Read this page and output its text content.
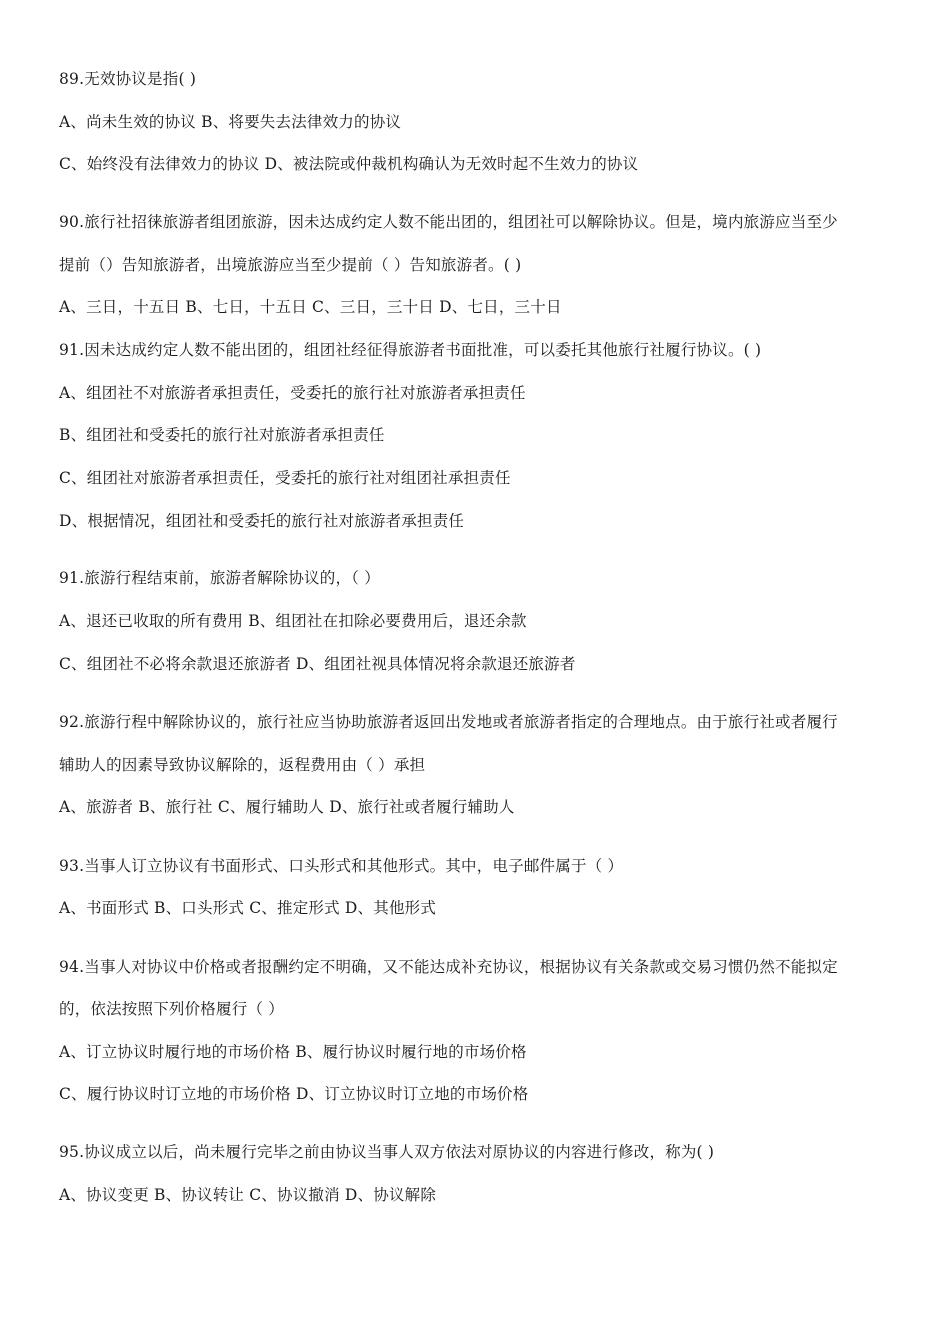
89.无效协议是指( )
A、尚未生效的协议 B、将要失去法律效力的协议
C、始终没有法律效力的协议 D、被法院或仲裁机构确认为无效时起不生效力的协议
90.旅行社招徕旅游者组团旅游，因未达成约定人数不能出团的，组团社可以解除协议。但是，境内旅游应当至少
提前（）告知旅游者，出境旅游应当至少提前（ ）告知旅游者。( )
A、三日，十五日 B、七日，十五日 C、三日，三十日 D、七日，三十日
91.因未达成约定人数不能出团的，组团社经征得旅游者书面批准，可以委托其他旅行社履行协议。( )
A、组团社不对旅游者承担责任，受委托的旅行社对旅游者承担责任
B、组团社和受委托的旅行社对旅游者承担责任
C、组团社对旅游者承担责任，受委托的旅行社对组团社承担责任
D、根据情况，组团社和受委托的旅行社对旅游者承担责任
91.旅游行程结束前，旅游者解除协议的，（ ）
A、退还已收取的所有费用 B、组团社在扣除必要费用后，退还余款
C、组团社不必将余款退还旅游者 D、组团社视具体情况将余款退还旅游者
92.旅游行程中解除协议的，旅行社应当协助旅游者返回出发地或者旅游者指定的合理地点。由于旅行社或者履行
辅助人的因素导致协议解除的，返程费用由（ ）承担
A、旅游者 B、旅行社 C、履行辅助人 D、旅行社或者履行辅助人
93.当事人订立协议有书面形式、口头形式和其他形式。其中，电子邮件属于（ ）
A、书面形式 B、口头形式 C、推定形式 D、其他形式
94.当事人对协议中价格或者报酬约定不明确，又不能达成补充协议，根据协议有关条款或交易习惯仍然不能拟定
的，依法按照下列价格履行（ ）
A、订立协议时履行地的市场价格 B、履行协议时履行地的市场价格
C、履行协议时订立地的市场价格 D、订立协议时订立地的市场价格
95.协议成立以后，尚未履行完毕之前由协议当事人双方依法对原协议的内容进行修改，称为( )
A、协议变更 B、协议转让 C、协议撤消 D、协议解除
